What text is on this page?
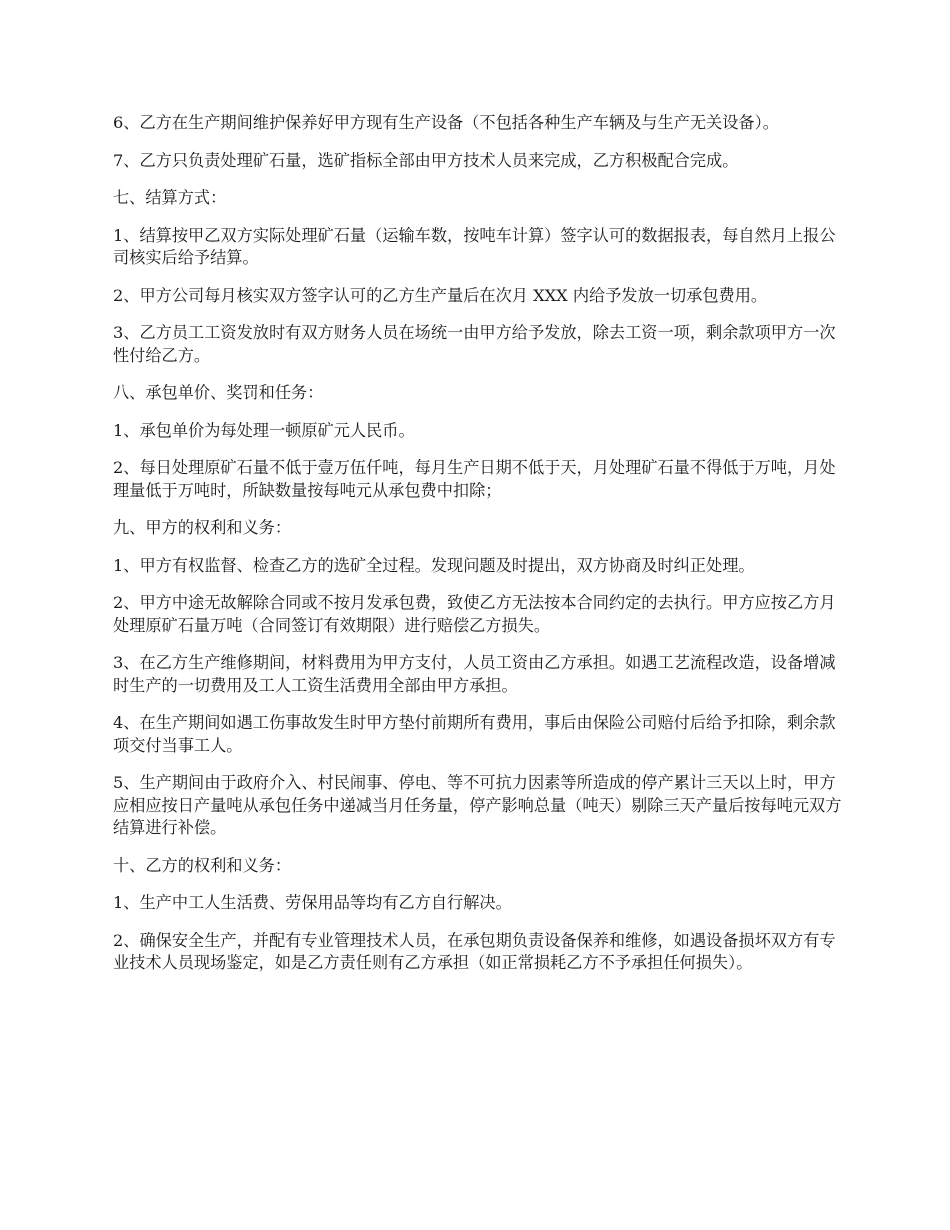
6、乙方在生产期间维护保养好甲方现有生产设备（不包括各种生产车辆及与生产无关设备）。

7、乙方只负责处理矿石量，选矿指标全部由甲方技术人员来完成，乙方积极配合完成。

七、结算方式：

1、结算按甲乙双方实际处理矿石量（运输车数，按吨车计算）签字认可的数据报表，每自然月上报公司核实后给予结算。

2、甲方公司每月核实双方签字认可的乙方生产量后在次月 XXX 内给予发放一切承包费用。

3、乙方员工工资发放时有双方财务人员在场统一由甲方给予发放，除去工资一项，剩余款项甲方一次性付给乙方。

八、承包单价、奖罚和任务：

1、承包单价为每处理一顿原矿元人民币。

2、每日处理原矿石量不低于壹万伍仟吨，每月生产日期不低于天，月处理矿石量不得低于万吨，月处理量低于万吨时，所缺数量按每吨元从承包费中扣除；

九、甲方的权利和义务：

1、甲方有权监督、检查乙方的选矿全过程。发现问题及时提出，双方协商及时纠正处理。

2、甲方中途无故解除合同或不按月发承包费，致使乙方无法按本合同约定的去执行。甲方应按乙方月处理原矿石量万吨（合同签订有效期限）进行赔偿乙方损失。

3、在乙方生产维修期间，材料费用为甲方支付，人员工资由乙方承担。如遇工艺流程改造，设备增减时生产的一切费用及工人工资生活费用全部由甲方承担。

4、在生产期间如遇工伤事故发生时甲方垫付前期所有费用，事后由保险公司赔付后给予扣除，剩余款项交付当事工人。

5、生产期间由于政府介入、村民闹事、停电、等不可抗力因素等所造成的停产累计三天以上时，甲方应相应按日产量吨从承包任务中递减当月任务量，停产影响总量（吨天）剔除三天产量后按每吨元双方结算进行补偿。

十、乙方的权利和义务：

1、生产中工人生活费、劳保用品等均有乙方自行解决。

2、确保安全生产，并配有专业管理技术人员，在承包期负责设备保养和维修，如遇设备损坏双方有专业技术人员现场鉴定，如是乙方责任则有乙方承担（如正常损耗乙方不予承担任何损失）。
